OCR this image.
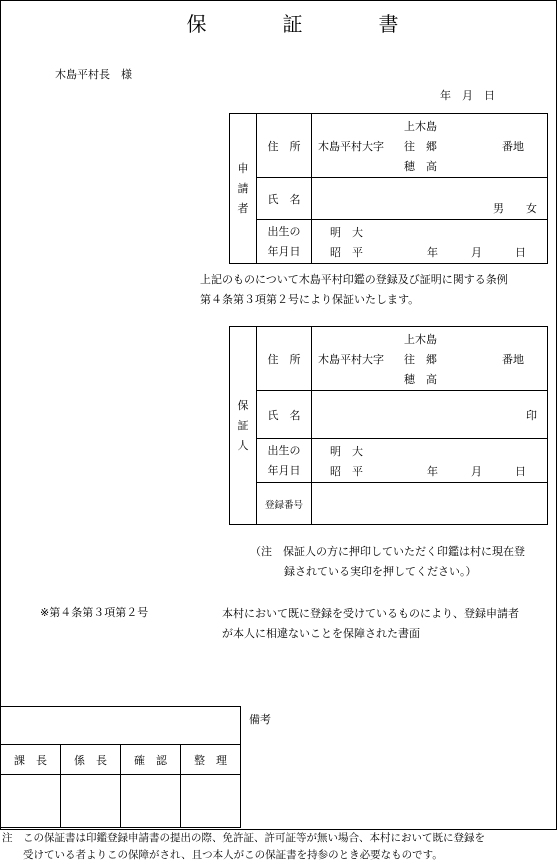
保　証　書
木島平村長　様
年　月　日
申
請
者	住　所	上木島
木島平村大字 往　郷 番地
穂　高

	氏　名	男　　女

	出生の
年月日	明　大
昭　平 年　　　月　　　日
上記のものについて木島平村印鑑の登録及び証明に関する条例
第４条第３項第２号により保証いたします。
保
証
人	住　所	上木島
木島平村大字 往　郷 番地
穂　高

	氏　名	印

	出生の
年月日	明　大
昭　平 年　　　月　　　日

	登録番号	
（注　保証人の方に押印していただく印鑑は村に現在登
録されている実印を押してください。）
※第４条第３項第２号	本村において既に登録を受けているものにより、登録申請者
が本人に相違ないことを保障された書面

課　長	係　長	確　認	整　理

備考
注　この保証書は印鑑登録申請書の提出の際、免許証、許可証等が無い場合、本村において既に登録を
　　受けている者よりこの保障がされ、且つ本人がこの保証書を持参のとき必要なものです。
